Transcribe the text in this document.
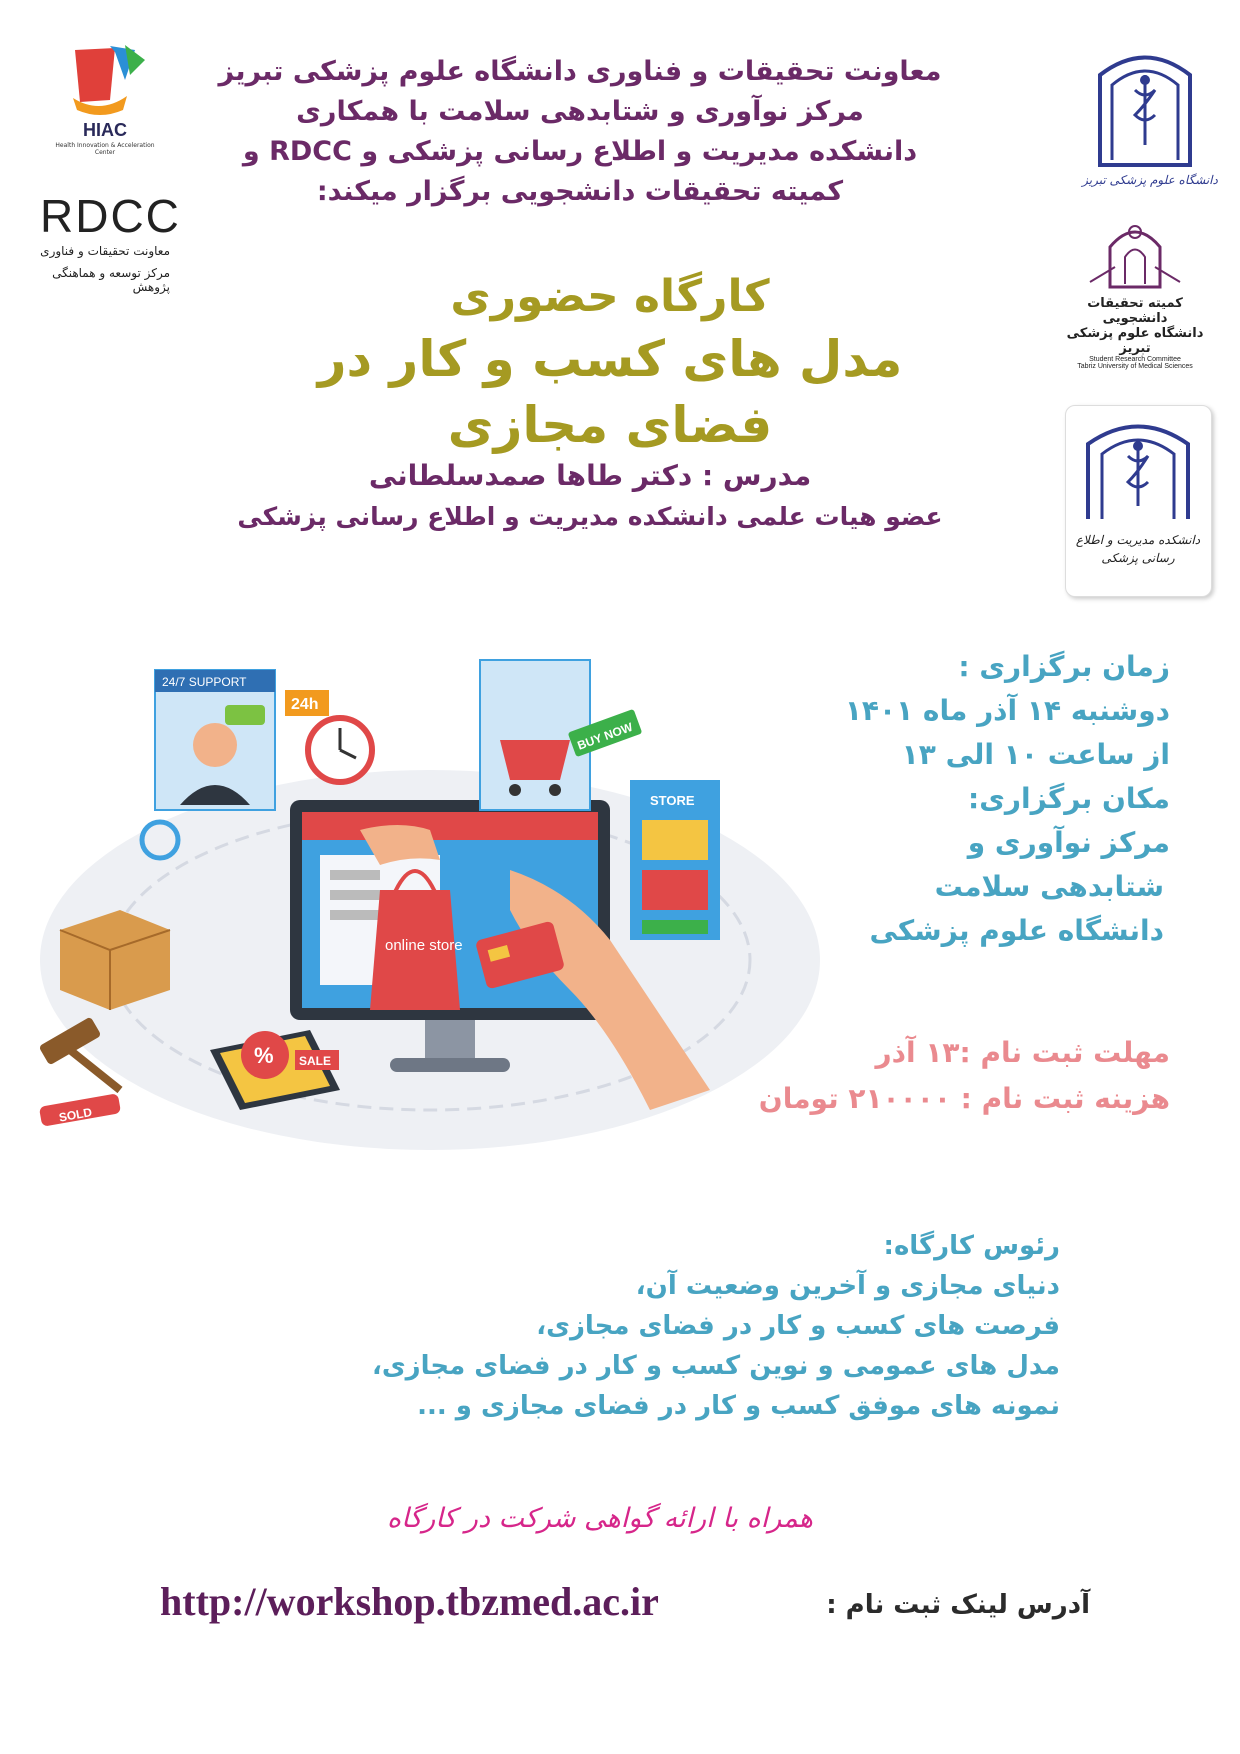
HIAC
Health Innovation & Acceleration Center
RDCC
معاونت تحقیقات و فناوری
مرکز توسعه و هماهنگی پژوهش
دانشگاه علوم پزشکی تبریز
کمیته تحقیقات دانشجویی
دانشگاه علوم پزشکی تبریز
Student Research Committee
Tabriz University of Medical Sciences
دانشکده مدیریت و اطلاع رسانی پزشکی
معاونت تحقیقات و فناوری دانشگاه علوم پزشکی تبریز
مرکز نوآوری و شتابدهی سلامت با همکاری
دانشکده مدیریت و اطلاع رسانی پزشکی و RDCC و
کمیته تحقیقات دانشجویی برگزار میکند:
کارگاه حضوری
مدل های کسب و کار در فضای مجازی
مدرس : دکتر طاها صمدسلطانی
عضو هیات علمی دانشکده مدیریت و اطلاع رسانی پزشکی
24/7 SUPPORT
24h
BUY NOW
STORE
online store
SOLD
% SALE
زمان برگزاری :
دوشنبه ۱۴ آذر ماه ۱۴۰۱
از ساعت ۱۰ الی ۱۳
مکان برگزاری:
مرکز نوآوری و
شتابدهی سلامت
دانشگاه علوم پزشکی
مهلت ثبت نام :۱۳ آذر
هزینه ثبت نام : ۲۱۰۰۰۰ تومان
رئوس کارگاه:
دنیای مجازی و آخرین وضعیت آن،
فرصت های کسب و کار در فضای مجازی،
مدل های عمومی و نوین کسب و کار در فضای مجازی،
نمونه های موفق کسب و کار در فضای مجازی و ...
همراه با ارائه گواهی شرکت در کارگاه
آدرس لینک ثبت نام :
http://workshop.tbzmed.ac.ir
